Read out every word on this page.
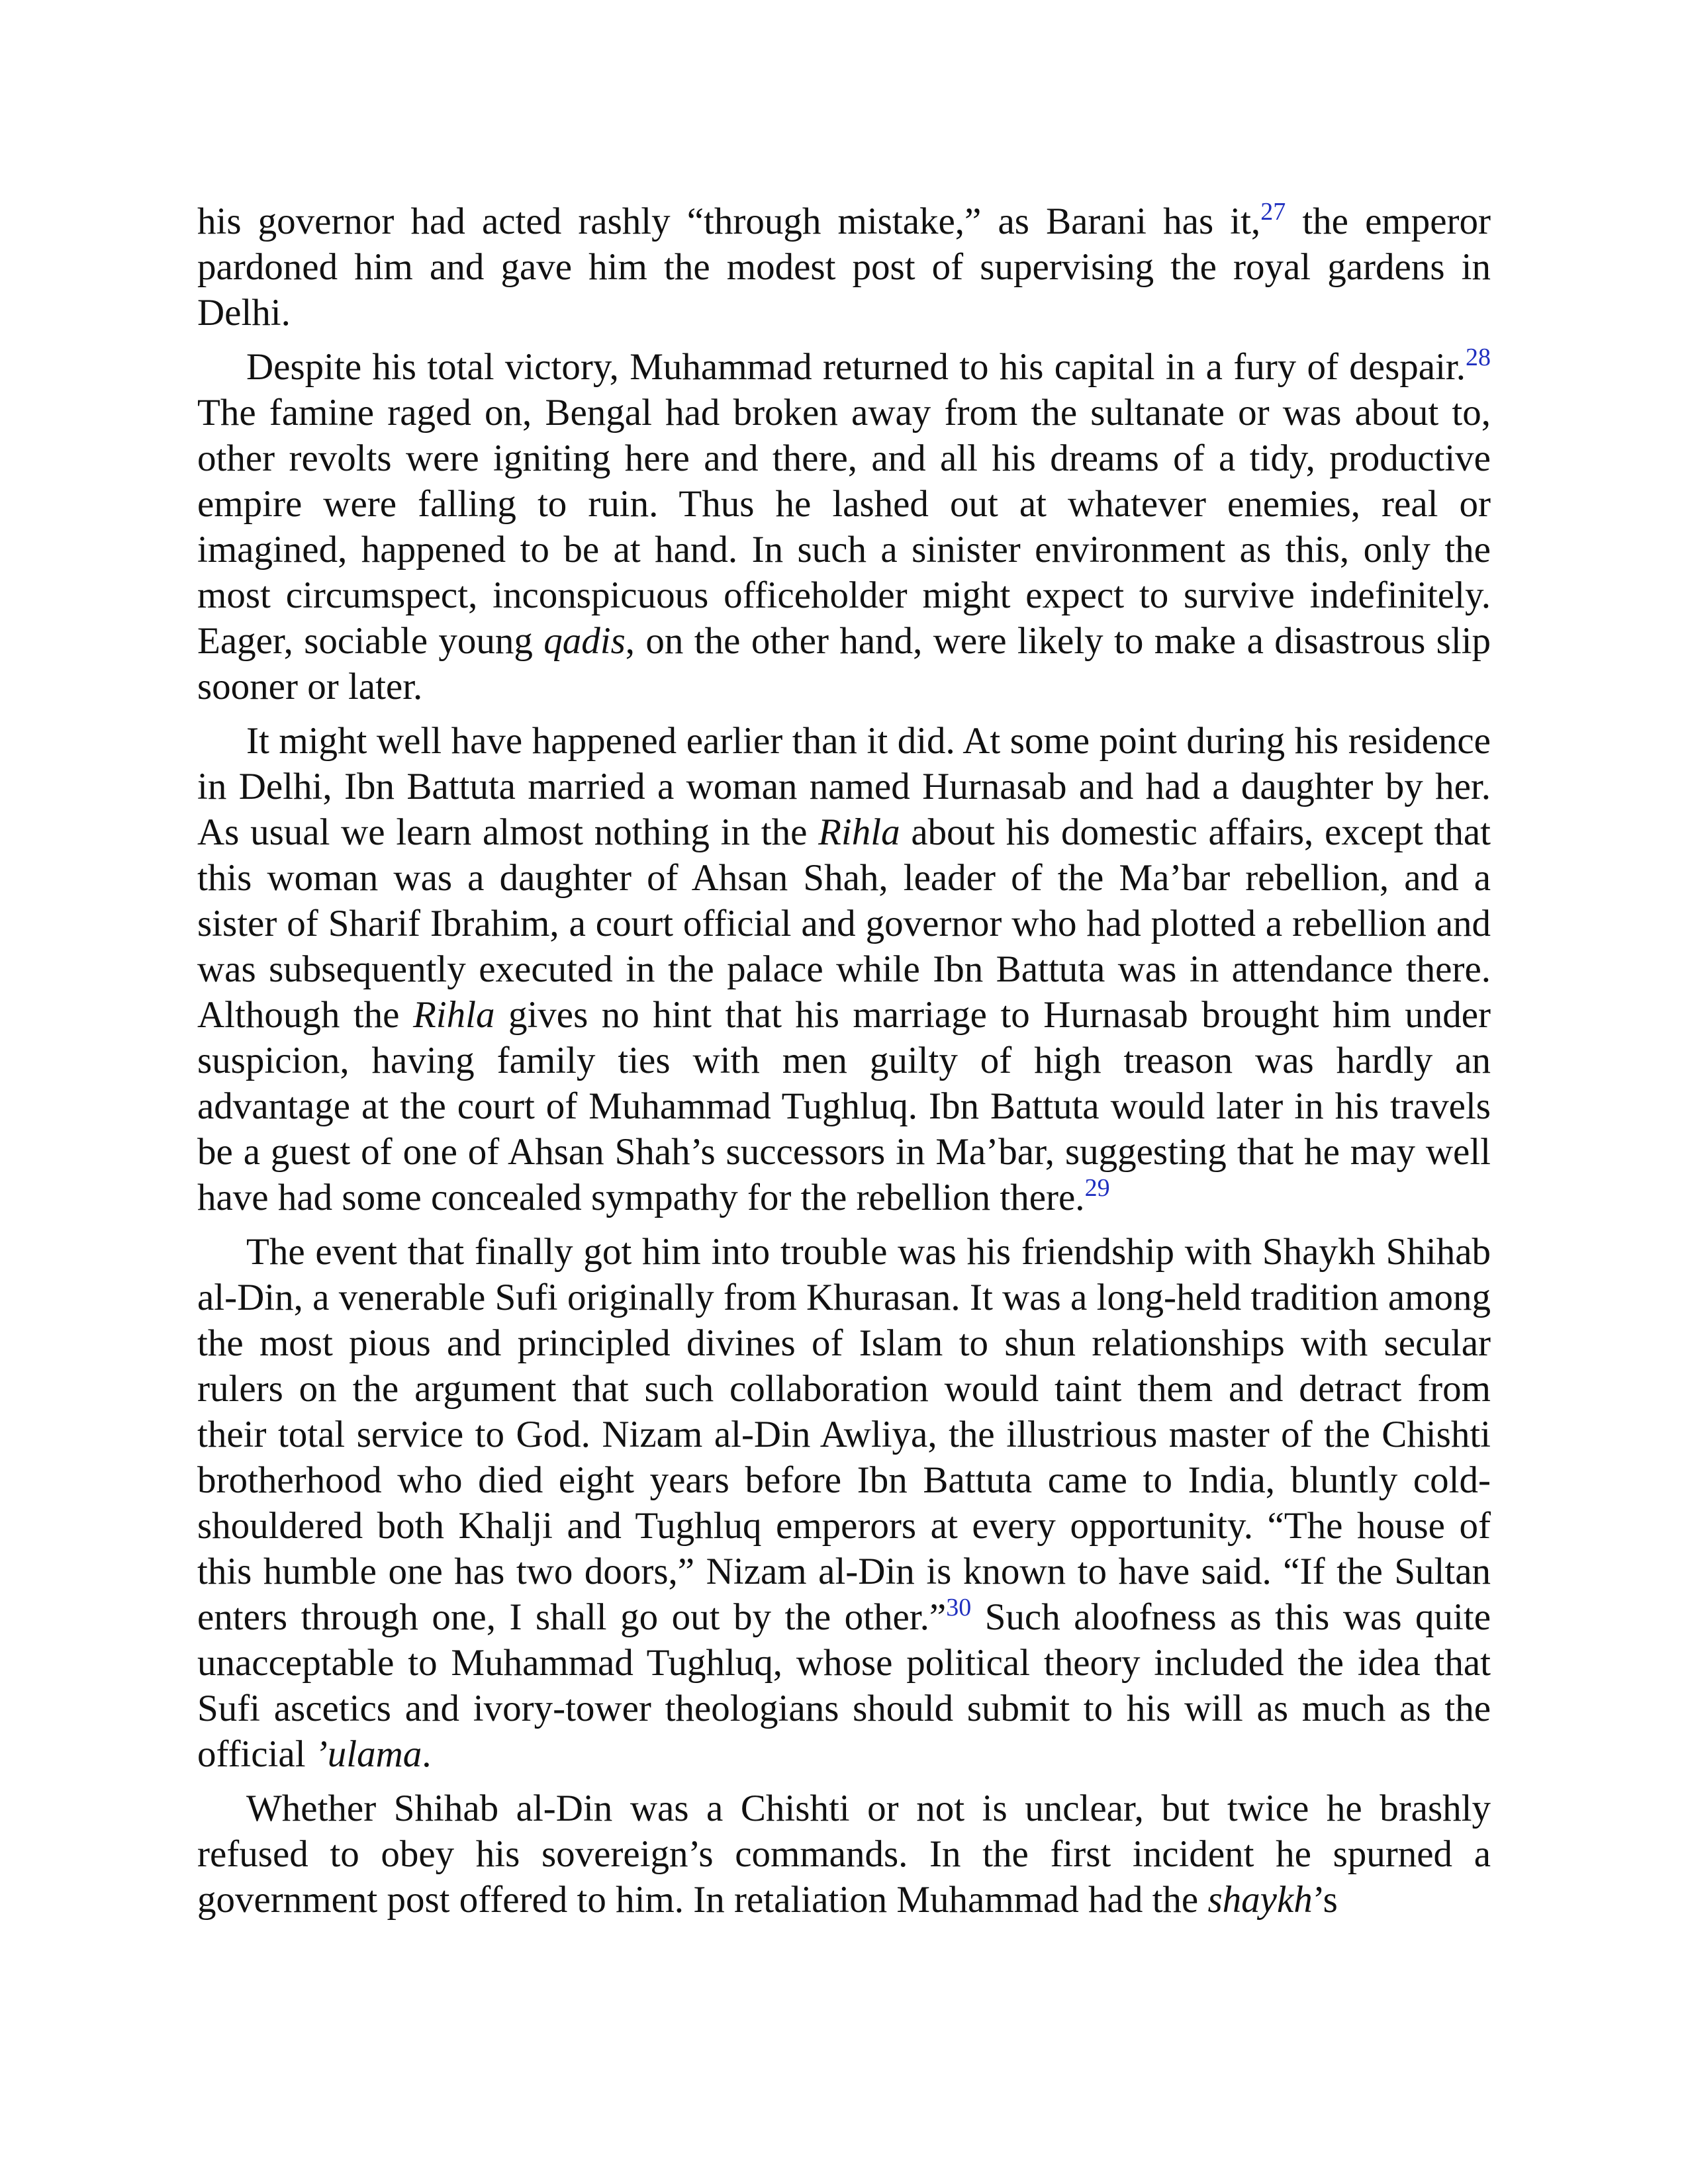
his governor had acted rashly “through mistake,” as Barani has it,$^{27}$ the emperor pardoned him and gave him the modest post of supervising the royal gardens in Delhi.

Despite his total victory, Muhammad returned to his capital in a fury of despair.$^{28}$ The famine raged on, Bengal had broken away from the sultanate or was about to, other revolts were igniting here and there, and all his dreams of a tidy, productive empire were falling to ruin. Thus he lashed out at whatever enemies, real or imagined, happened to be at hand. In such a sinister environment as this, only the most circumspect, inconspicuous officeholder might expect to survive indefinitely. Eager, sociable young qadis, on the other hand, were likely to make a disastrous slip sooner or later.

It might well have happened earlier than it did. At some point during his residence in Delhi, Ibn Battuta married a woman named Hurnasab and had a daughter by her. As usual we learn almost nothing in the Rihla about his domestic affairs, except that this woman was a daughter of Ahsan Shah, leader of the Ma’bar rebellion, and a sister of Sharif Ibrahim, a court official and governor who had plotted a rebellion and was subsequently executed in the palace while Ibn Battuta was in attendance there. Although the Rihla gives no hint that his marriage to Hurnasab brought him under suspicion, having family ties with men guilty of high treason was hardly an advantage at the court of Muhammad Tughluq. Ibn Battuta would later in his travels be a guest of one of Ahsan Shah’s successors in Ma’bar, suggesting that he may well have had some concealed sympathy for the rebellion there.$^{29}$

The event that finally got him into trouble was his friendship with Shaykh Shihab al-Din, a venerable Sufi originally from Khurasan. It was a long-held tradition among the most pious and principled divines of Islam to shun relationships with secular rulers on the argument that such collaboration would taint them and detract from their total service to God. Nizam al-Din Awliya, the illustrious master of the Chishti brotherhood who died eight years before Ibn Battuta came to India, bluntly cold-shouldered both Khalji and Tughluq emperors at every opportunity. “The house of this humble one has two doors,” Nizam al-Din is known to have said. “If the Sultan enters through one, I shall go out by the other.”$^{30}$ Such aloofness as this was quite unacceptable to Muhammad Tughluq, whose political theory included the idea that Sufi ascetics and ivory-tower theologians should submit to his will as much as the official ’ulama.

Whether Shihab al-Din was a Chishti or not is unclear, but twice he brashly refused to obey his sovereign’s commands. In the first incident he spurned a government post offered to him. In retaliation Muhammad had the shaykh’s
